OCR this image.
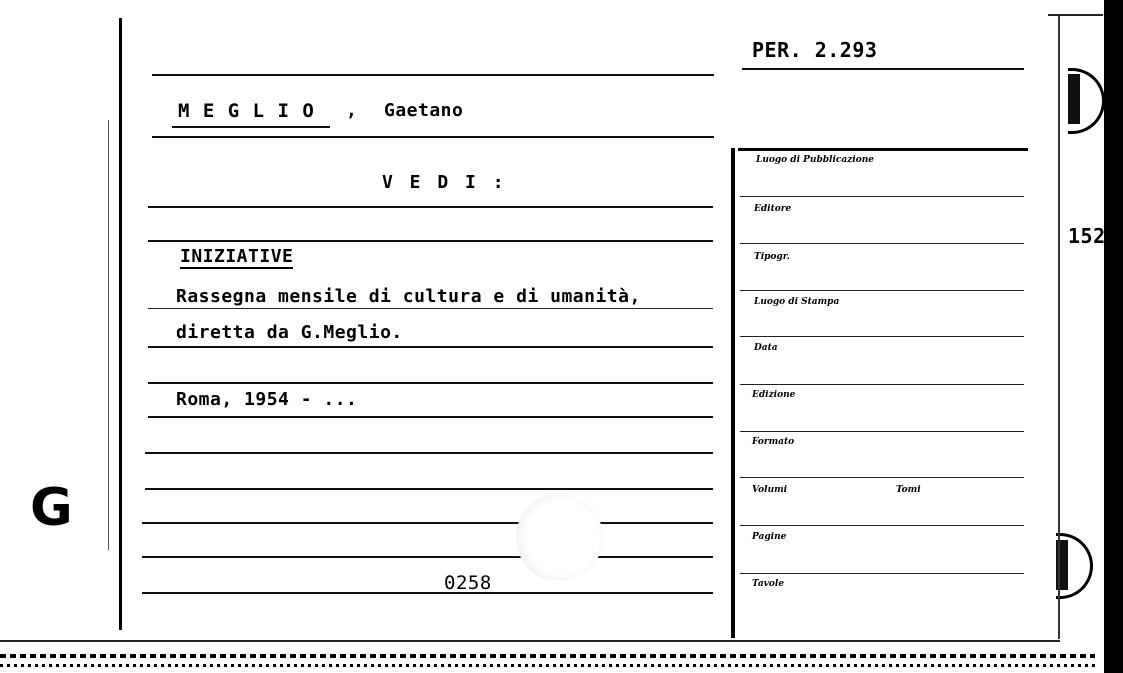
PER. 2.293
M E G L I O , Gaetano
V E D I :
INIZIATIVE
Rassegna mensile di cultura e di umanità,
diretta da G.Meglio.
Roma, 1954 - ...
0258
G
Luogo di Pubblicazione
Editore
Tipogr.
Luogo di Stampa
Data
Edizione
Formato
Volumi	Tomi
Pagine
Tavole
152
